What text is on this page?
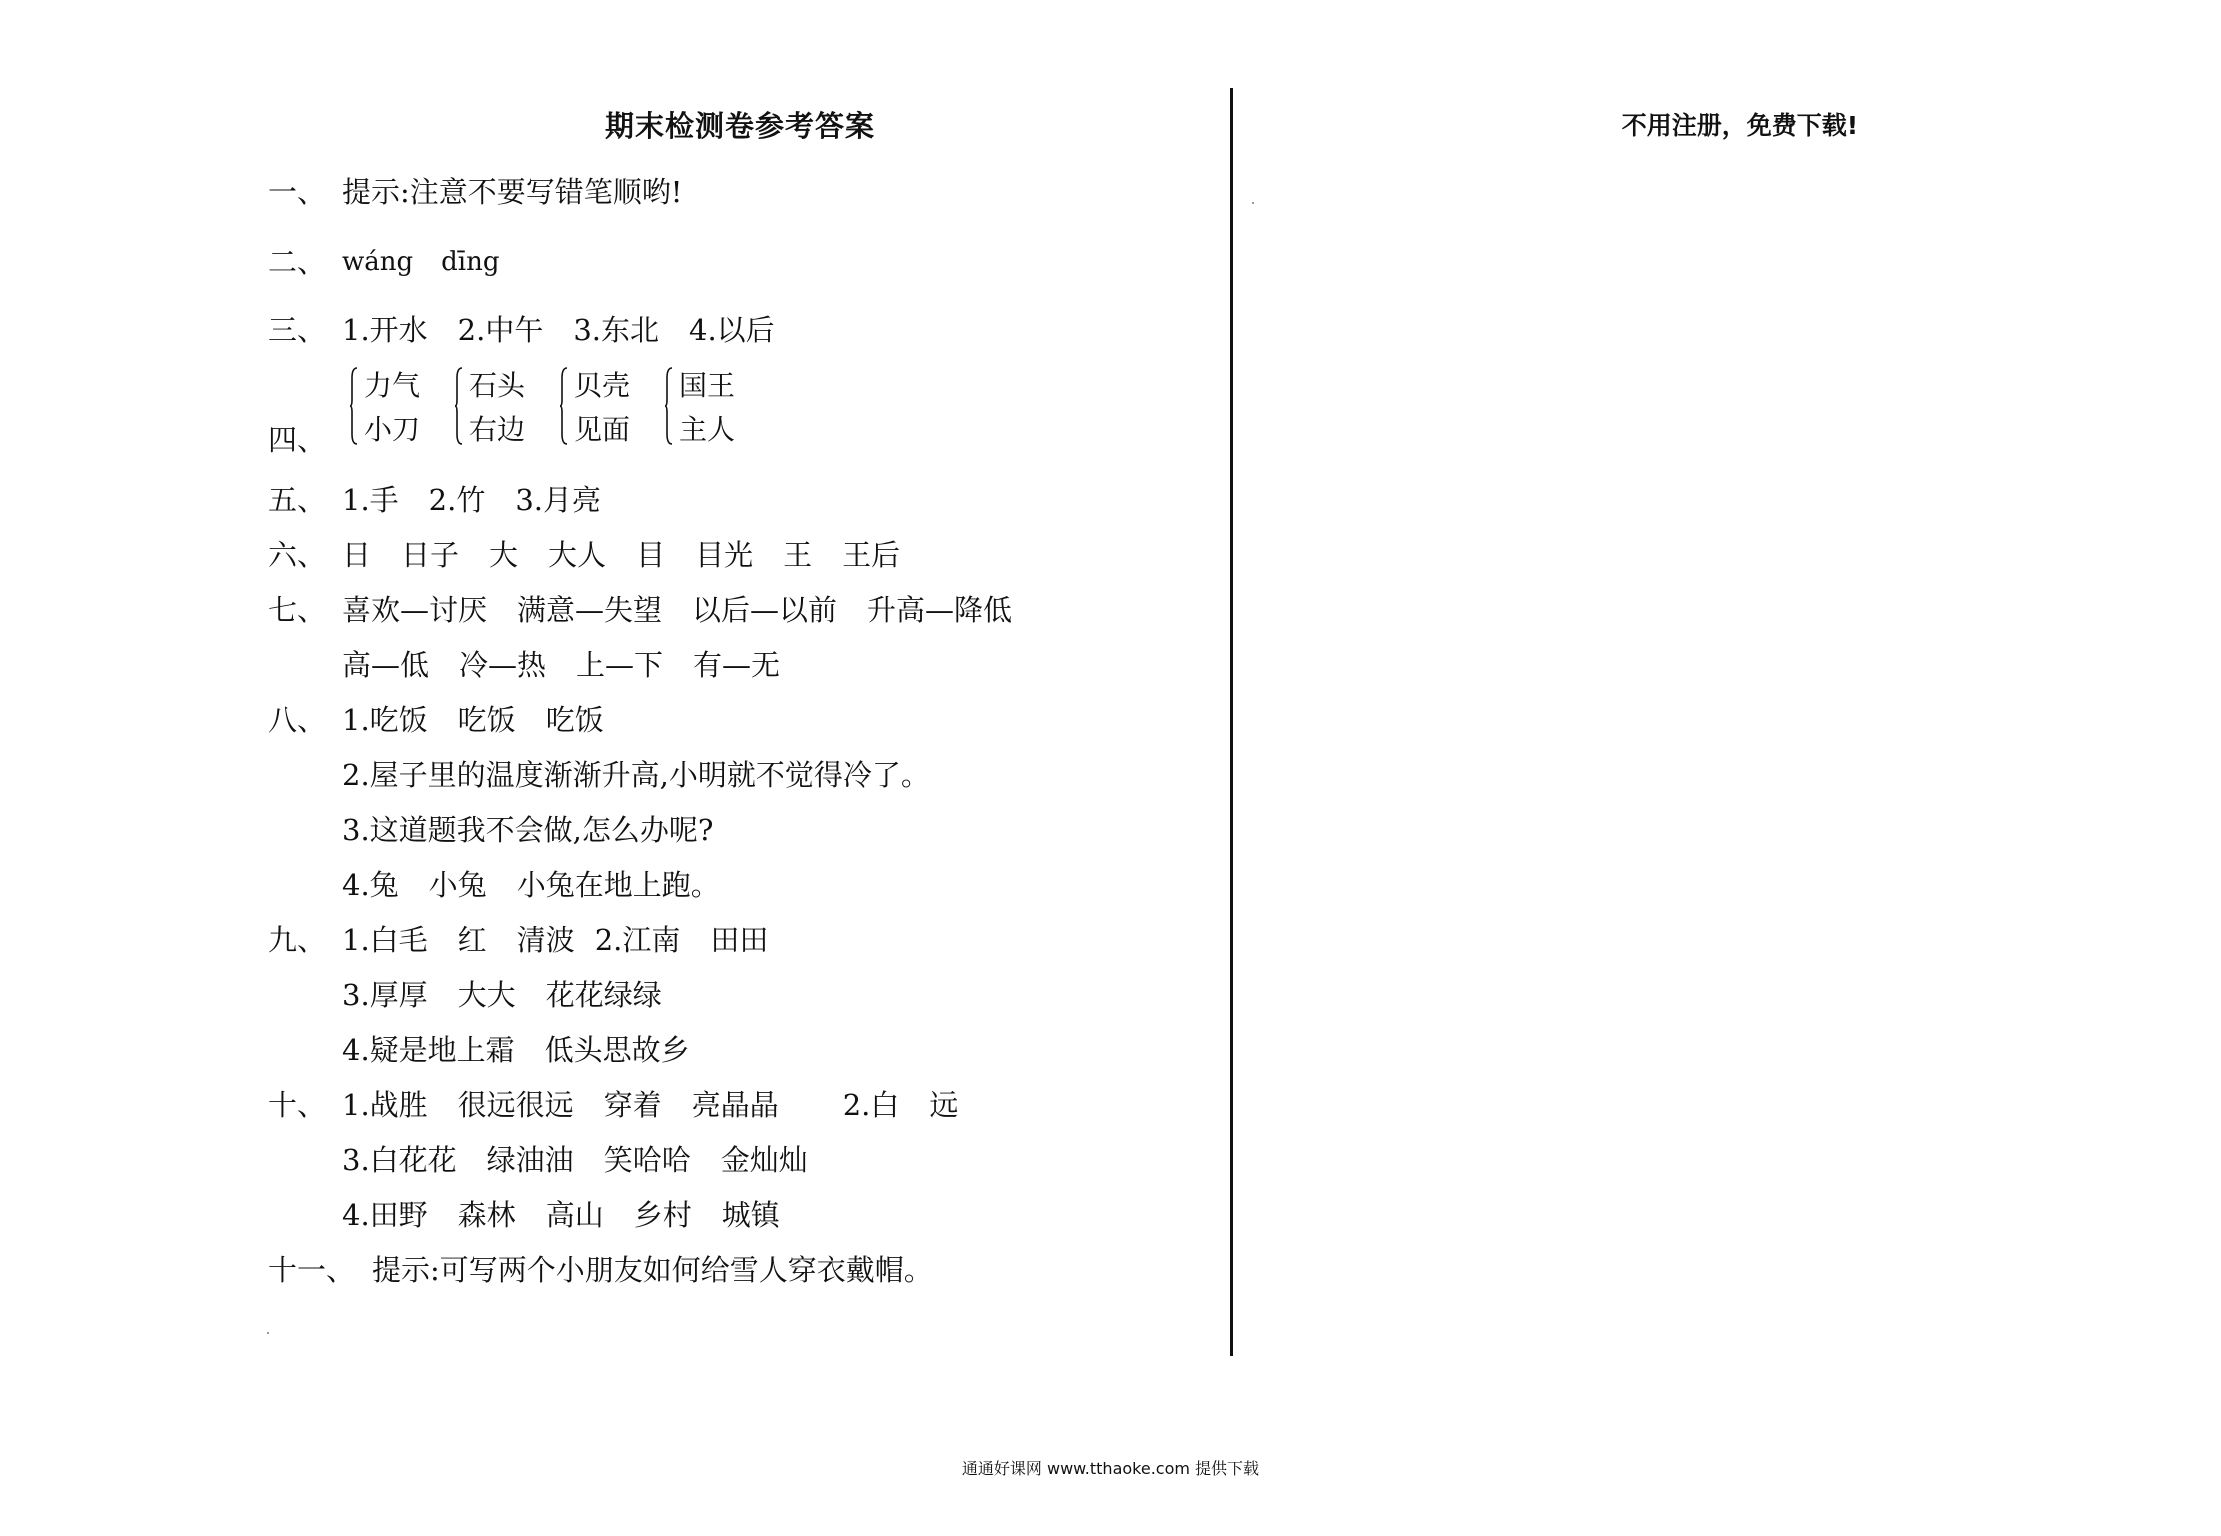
期末检测卷参考答案	不用注册，免费下载!
一、 提示:注意不要写错笔顺哟!
二、 wáng dīng
三、 1.开水 2.中午 3.东北 4.以后
四、
力气
小刀
石头
右边
贝壳
见面
国王
主人
五、 1.手 2.竹 3.月亮
六、 日 日子 大 大人 目 目光 王 王后
七、 喜欢—讨厌 满意—失望 以后—以前 升高—降低
高—低 冷—热 上—下 有—无
八、 1.吃饭 吃饭 吃饭
2.屋子里的温度渐渐升高,小明就不觉得冷了。
3.这道题我不会做,怎么办呢?
4.兔 小兔 小兔在地上跑。
九、 1.白毛 红 清波 2.江南 田田
3.厚厚 大大 花花绿绿
4.疑是地上霜 低头思故乡
十、 1.战胜 很远很远 穿着 亮晶晶 2.白 远
3.白花花 绿油油 笑哈哈 金灿灿
4.田野 森林 高山 乡村 城镇
十一、 提示:可写两个小朋友如何给雪人穿衣戴帽。
通通好课网 www.tthaoke.com 提供下载
